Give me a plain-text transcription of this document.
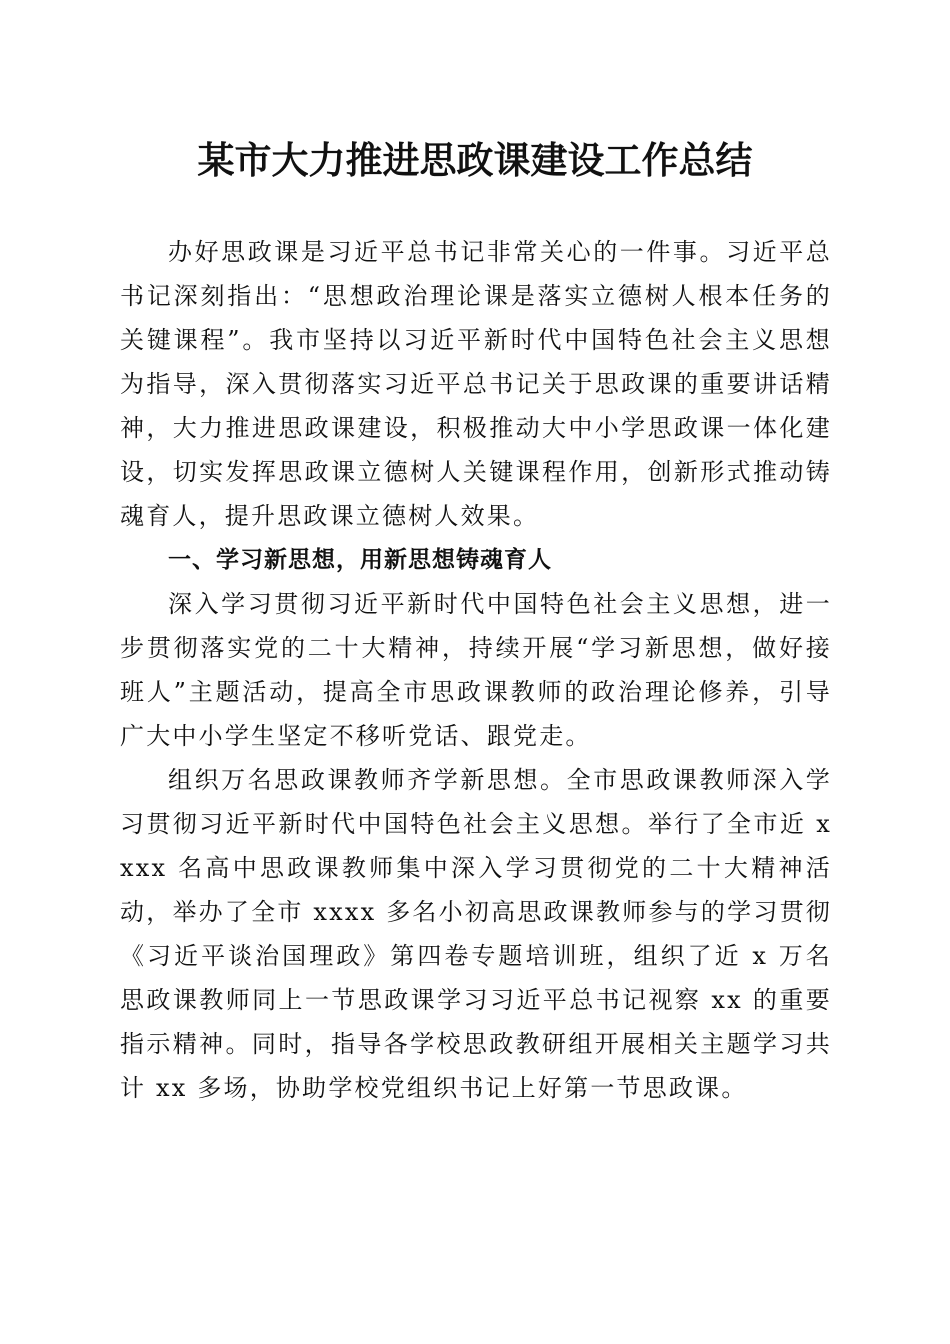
某市大力推进思政课建设工作总结

办好思政课是习近平总书记非常关心的一件事。习近平总书记深刻指出：“思想政治理论课是落实立德树人根本任务的关键课程”。我市坚持以习近平新时代中国特色社会主义思想为指导，深入贯彻落实习近平总书记关于思政课的重要讲话精神，大力推进思政课建设，积极推动大中小学思政课一体化建设，切实发挥思政课立德树人关键课程作用，创新形式推动铸魂育人，提升思政课立德树人效果。

一、学习新思想，用新思想铸魂育人

深入学习贯彻习近平新时代中国特色社会主义思想，进一步贯彻落实党的二十大精神，持续开展“学习新思想，做好接班人”主题活动，提高全市思政课教师的政治理论修养，引导广大中小学生坚定不移听党话、跟党走。

组织万名思政课教师齐学新思想。全市思政课教师深入学习贯彻习近平新时代中国特色社会主义思想。举行了全市近 xxxx 名高中思政课教师集中深入学习贯彻党的二十大精神活动，举办了全市 xxxx 多名小初高思政课教师参与的学习贯彻《习近平谈治国理政》第四卷专题培训班，组织了近 x 万名思政课教师同上一节思政课学习习近平总书记视察 xx 的重要指示精神。同时，指导各学校思政教研组开展相关主题学习共计 xx 多场，协助学校党组织书记上好第一节思政课。
